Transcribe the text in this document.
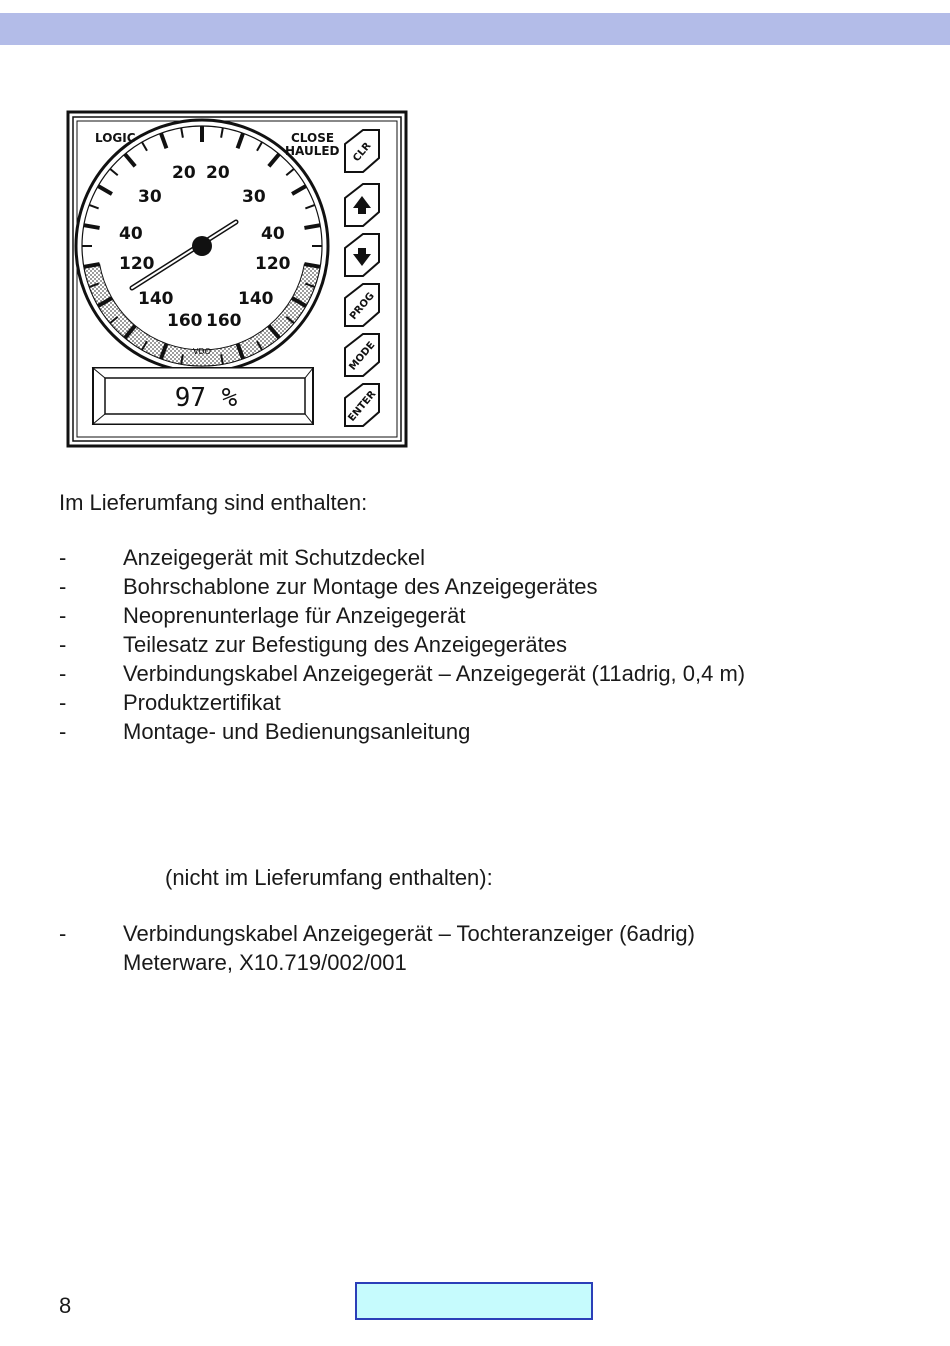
20 20
30	30
40	40
120	120
140	140
160 160
VDO
LOGIC	CLOSE
HAULED
97 %
CLR
PROG
MODE
ENTER
Im Lieferumfang sind enthalten:
-	Anzeigegerät mit Schutzdeckel
-	Bohrschablone zur Montage des Anzeigegerätes
-	Neoprenunterlage für Anzeigegerät
-	Teilesatz zur Befestigung des Anzeigegerätes
-	Verbindungskabel Anzeigegerät – Anzeigegerät (11adrig, 0,4 m)
-	Produktzertifikat
-	Montage- und Bedienungsanleitung
(nicht im Lieferumfang enthalten):
-	Verbindungskabel Anzeigegerät – Tochteranzeiger (6adrig)
Meterware, X10.719/002/001
8
